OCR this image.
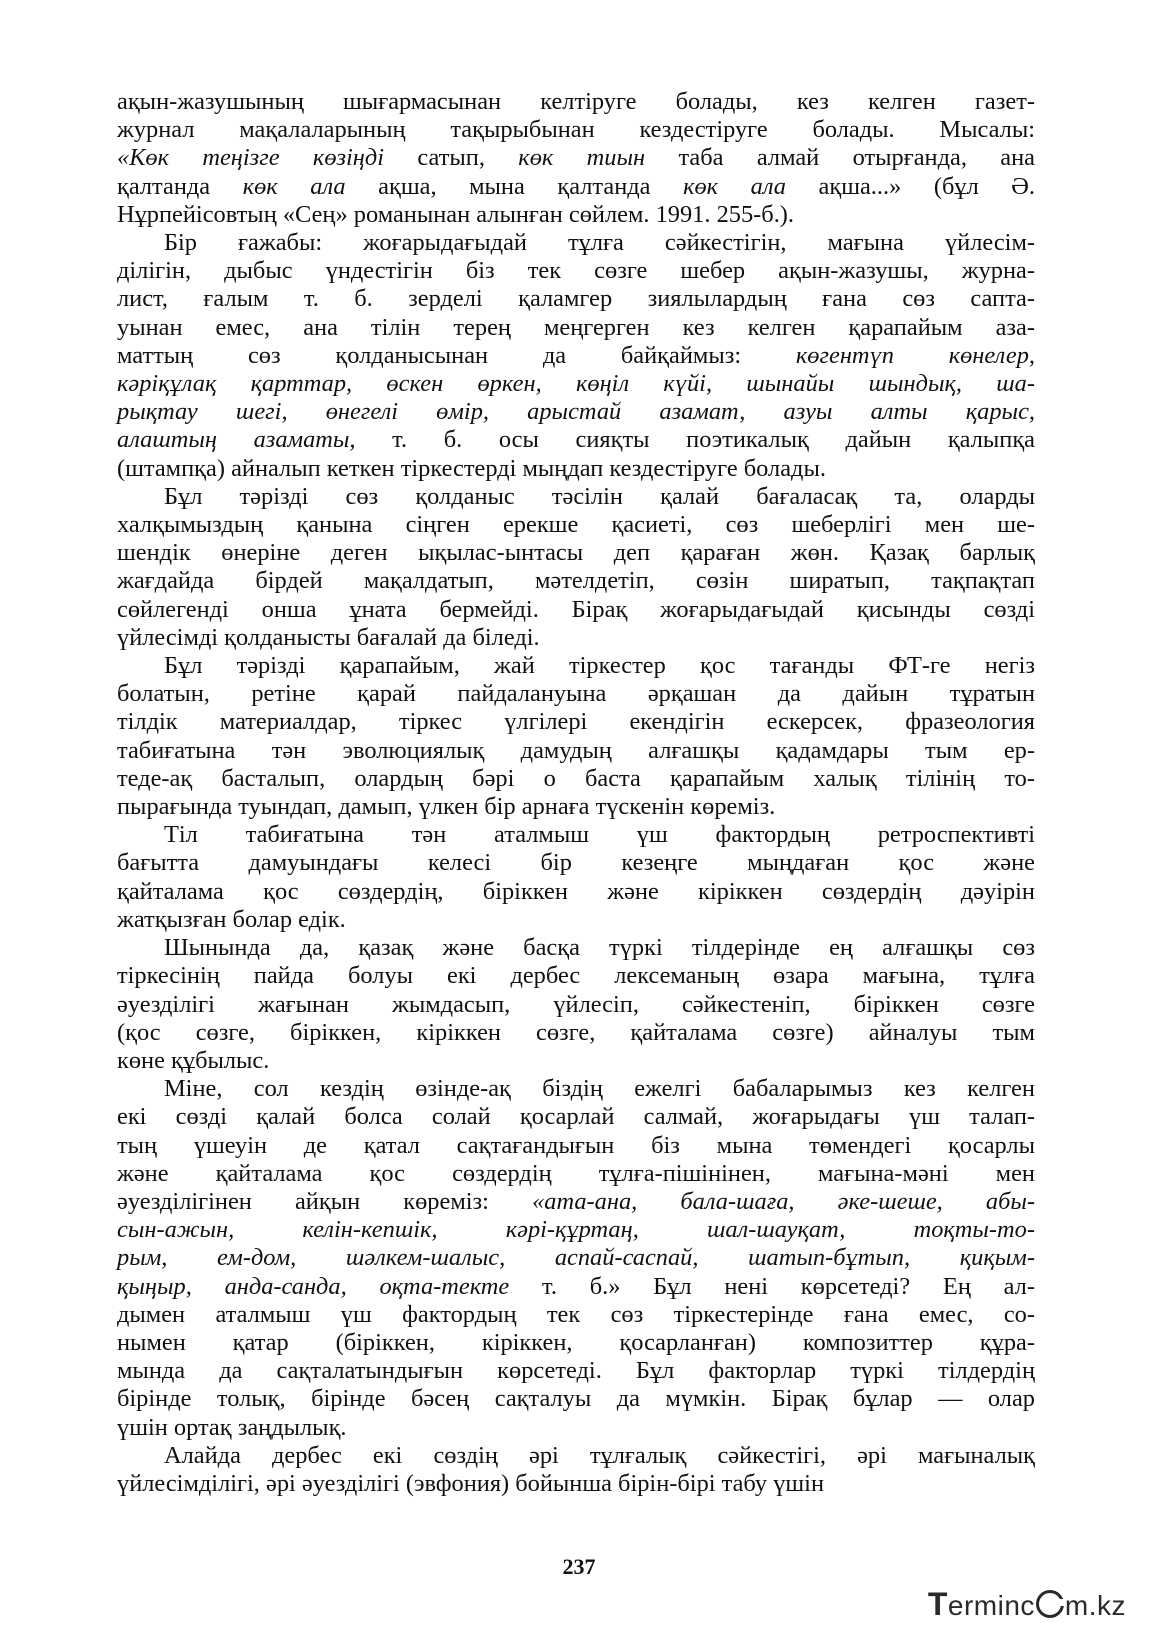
ақын-жазушының шығармасынан келтіруге болады, кез келген газет-
журнал мақалаларының тақырыбынан кездестіруге болады. Мысалы:
«Көк теңізге көзіңді сатып, көк тиын таба алмай отырғанда, ана
қалтанда көк ала ақша, мына қалтанда көк ала ақша...» (бұл Ә.
Нұрпейісовтың «Сең» романынан алынған сөйлем. 1991. 255-б.).
Бір ғажабы: жоғарыдағыдай тұлға сәйкестігін, мағына үйлесім-
ділігін, дыбыс үндестігін біз тек сөзге шебер ақын-жазушы, журна-
лист, ғалым т. б. зерделі қаламгер зиялылардың ғана сөз сапта-
уынан емес, ана тілін терең меңгерген кез келген қарапайым аза-
маттың сөз қолданысынан да байқаймыз: көгентүп көнелер,
кәріқұлақ қарттар, өскен өркен, көңіл күйі, шынайы шындық, ша-
рықтау шегі, өнегелі өмір, арыстай азамат, азуы алты қарыс,
алаштың азаматы, т. б. осы сияқты поэтикалық дайын қалыпқа
(штампқа) айналып кеткен тіркестерді мыңдап кездестіруге болады.
Бұл тәрізді сөз қолданыс тәсілін қалай бағаласақ та, оларды
халқымыздың қанына сіңген ерекше қасиеті, сөз шеберлігі мен ше-
шендік өнеріне деген ықылас-ынтасы деп қараған жөн. Қазақ барлық
жағдайда бірдей мақалдатып, мәтелдетіп, сөзін ширатып, тақпақтап
сөйлегенді онша ұната бермейді. Бірақ жоғарыдағыдай қисынды сөзді
үйлесімді қолданысты бағалай да біледі.
Бұл тәрізді қарапайым, жай тіркестер қос тағанды ФТ-ге негіз
болатын, ретіне қарай пайдалануына әрқашан да дайын тұратын
тілдік материалдар, тіркес үлгілері екендігін ескерсек, фразеология
табиғатына тән эволюциялық дамудың алғашқы қадамдары тым ер-
теде-ақ басталып, олардың бәрі о баста қарапайым халық тілінің то-
пырағында туындап, дамып, үлкен бір арнаға түскенін көреміз.
Тіл табиғатына тән аталмыш үш фактордың ретроспективті
бағытта дамуындағы келесі бір кезеңге мыңдаған қос және
қайталама қос сөздердің, біріккен және кіріккен сөздердің дәуірін
жатқызған болар едік.
Шынында да, қазақ және басқа түркі тілдерінде ең алғашқы сөз
тіркесінің пайда болуы екі дербес лексеманың өзара мағына, тұлға
әуезділігі жағынан жымдасып, үйлесіп, сәйкестеніп, біріккен сөзге
(қос сөзге, біріккен, кіріккен сөзге, қайталама сөзге) айналуы тым
көне құбылыс.
Міне, сол кездің өзінде-ақ біздің ежелгі бабаларымыз кез келген
екі сөзді қалай болса солай қосарлай салмай, жоғарыдағы үш талап-
тың үшеуін де қатал сақтағандығын біз мына төмендегі қосарлы
және қайталама қос сөздердің тұлға-пішінінен, мағына-мәні мен
әуезділігінен айқын көреміз: «ата-ана, бала-шаға, әке-шеше, абы-
сын-ажын, келін-кепшік, кәрі-құртаң, шал-шауқат, тоқты-то-
рым, ем-дом, шәлкем-шалыс, аспай-саспай, шатып-бұтып, қиқым-
қыңыр, анда-санда, оқта-текте т. б.» Бұл нені көрсетеді? Ең ал-
дымен аталмыш үш фактордың тек сөз тіркестерінде ғана емес, со-
нымен қатар (біріккен, кіріккен, қосарланған) композиттер құра-
мында да сақталатындығын көрсетеді. Бұл факторлар түркі тілдердің
бірінде толық, бірінде бәсең сақталуы да мүмкін. Бірақ бұлар — олар
үшін ортақ заңдылық.
Алайда дербес екі сөздің әрі тұлғалық сәйкестігі, әрі мағыналық
үйлесімділігі, әрі әуезділігі (эвфония) бойынша бірін-бірі табу үшін
237
Terminc m.kz
